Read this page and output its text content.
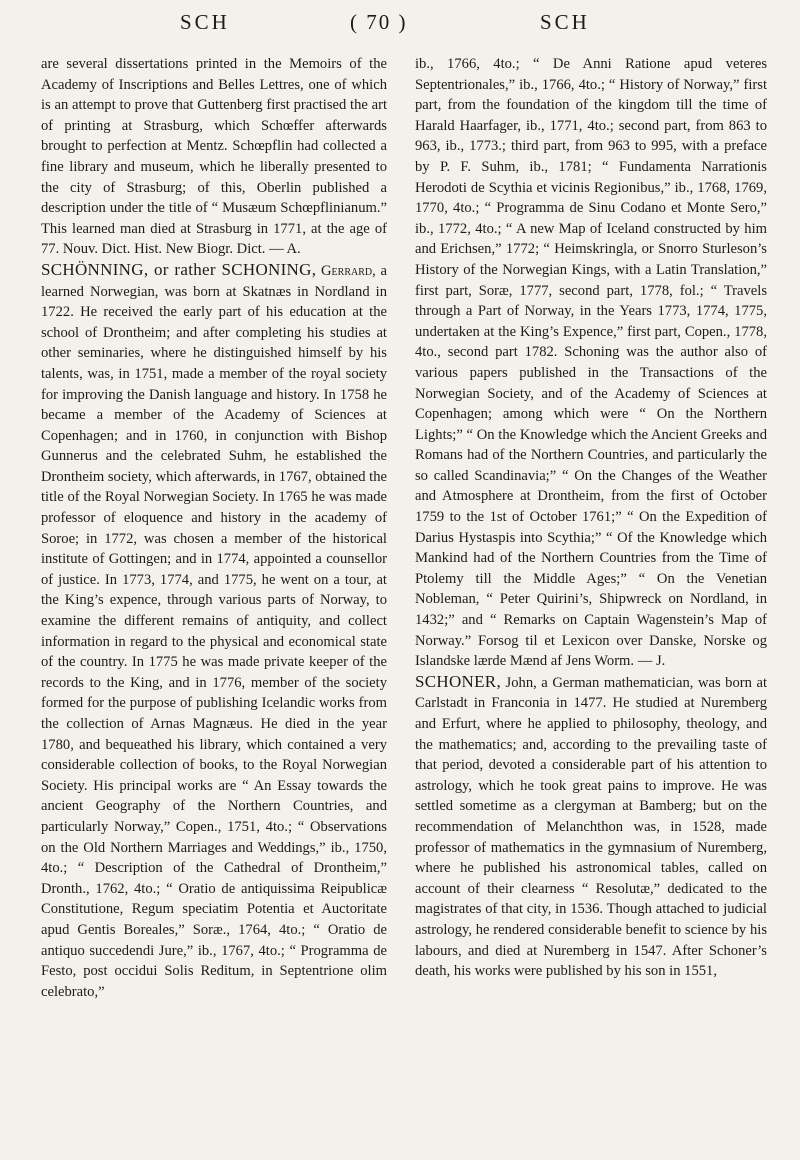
SCH	( 70 )	SCH

are several dissertations printed in the Memoirs of the Academy of Inscriptions and Belles Lettres, one of which is an attempt to prove that Guttenberg first practised the art of printing at Strasburg, which Schœffer afterwards brought to perfection at Mentz. Schœpflin had collected a fine library and museum, which he liberally presented to the city of Strasburg; of this, Oberlin published a description under the title of “ Musæum Schœpflinianum.” This learned man died at Strasburg in 1771, at the age of 77. Nouv. Dict. Hist. New Biogr. Dict. — A.

SCHÖNNING, or rather SCHONING, Gerrard, a learned Norwegian, was born at Skatnæs in Nordland in 1722. He received the early part of his education at the school of Drontheim; and after completing his studies at other seminaries, where he distinguished himself by his talents, was, in 1751, made a member of the royal society for improving the Danish language and history. In 1758 he became a member of the Academy of Sciences at Copenhagen; and in 1760, in conjunction with Bishop Gunnerus and the celebrated Suhm, he established the Drontheim society, which afterwards, in 1767, obtained the title of the Royal Norwegian Society. In 1765 he was made professor of eloquence and history in the academy of Soroe; in 1772, was chosen a member of the historical institute of Gottingen; and in 1774, appointed a counsellor of justice. In 1773, 1774, and 1775, he went on a tour, at the King’s expence, through various parts of Norway, to examine the different remains of antiquity, and collect information in regard to the physical and economical state of the country. In 1775 he was made private keeper of the records to the King, and in 1776, member of the society formed for the purpose of publishing Icelandic works from the collection of Arnas Magnæus. He died in the year 1780, and bequeathed his library, which contained a very considerable collection of books, to the Royal Norwegian Society. His principal works are “ An Essay towards the ancient Geography of the Northern Countries, and particularly Norway,” Copen., 1751, 4to.; “ Observations on the Old Northern Marriages and Weddings,” ib., 1750, 4to.; “ Description of the Cathedral of Drontheim,” Dronth., 1762, 4to.; “ Oratio de antiquissima Reipublicæ Constitutione, Regum speciatim Potentia et Auctoritate apud Gentis Boreales,” Soræ., 1764, 4to.; “ Oratio de antiquo succedendi Jure,” ib., 1767, 4to.; “ Programma de Festo, post occidui Solis Reditum, in Septentrione olim celebrato,”

ib., 1766, 4to.; “ De Anni Ratione apud veteres Septentrionales,” ib., 1766, 4to.; “ History of Norway,” first part, from the foundation of the kingdom till the time of Harald Haarfager, ib., 1771, 4to.; second part, from 863 to 963, ib., 1773.; third part, from 963 to 995, with a preface by P. F. Suhm, ib., 1781; “ Fundamenta Narrationis Herodoti de Scythia et vicinis Regionibus,” ib., 1768, 1769, 1770, 4to.; “ Programma de Sinu Codano et Monte Sero,” ib., 1772, 4to.; “ A new Map of Iceland constructed by him and Erichsen,” 1772; “ Heimskringla, or Snorro Sturleson’s History of the Norwegian Kings, with a Latin Translation,” first part, Soræ, 1777, second part, 1778, fol.; “ Travels through a Part of Norway, in the Years 1773, 1774, 1775, undertaken at the King’s Expence,” first part, Copen., 1778, 4to., second part 1782. Schoning was the author also of various papers published in the Transactions of the Norwegian Society, and of the Academy of Sciences at Copenhagen; among which were “ On the Northern Lights;” “ On the Knowledge which the Ancient Greeks and Romans had of the Northern Countries, and particularly the so called Scandinavia;” “ On the Changes of the Weather and Atmosphere at Drontheim, from the first of October 1759 to the 1st of October 1761;” “ On the Expedition of Darius Hystaspis into Scythia;” “ Of the Knowledge which Mankind had of the Northern Countries from the Time of Ptolemy till the Middle Ages;” “ On the Venetian Nobleman, “ Peter Quirini’s, Shipwreck on Nordland, in 1432;” and “ Remarks on Captain Wagenstein’s Map of Norway.” Forsog til et Lexicon over Danske, Norske og Islandske lærde Mænd af Jens Worm. — J.

SCHONER, John, a German mathematician, was born at Carlstadt in Franconia in 1477. He studied at Nuremberg and Erfurt, where he applied to philosophy, theology, and the mathematics; and, according to the prevailing taste of that period, devoted a considerable part of his attention to astrology, which he took great pains to improve. He was settled sometime as a clergyman at Bamberg; but on the recommendation of Melanchthon was, in 1528, made professor of mathematics in the gymnasium of Nuremberg, where he published his astronomical tables, called on account of their clearness “ Resolutæ,” dedicated to the magistrates of that city, in 1536. Though attached to judicial astrology, he rendered considerable benefit to science by his labours, and died at Nuremberg in 1547. After Schoner’s death, his works were published by his son in 1551,
